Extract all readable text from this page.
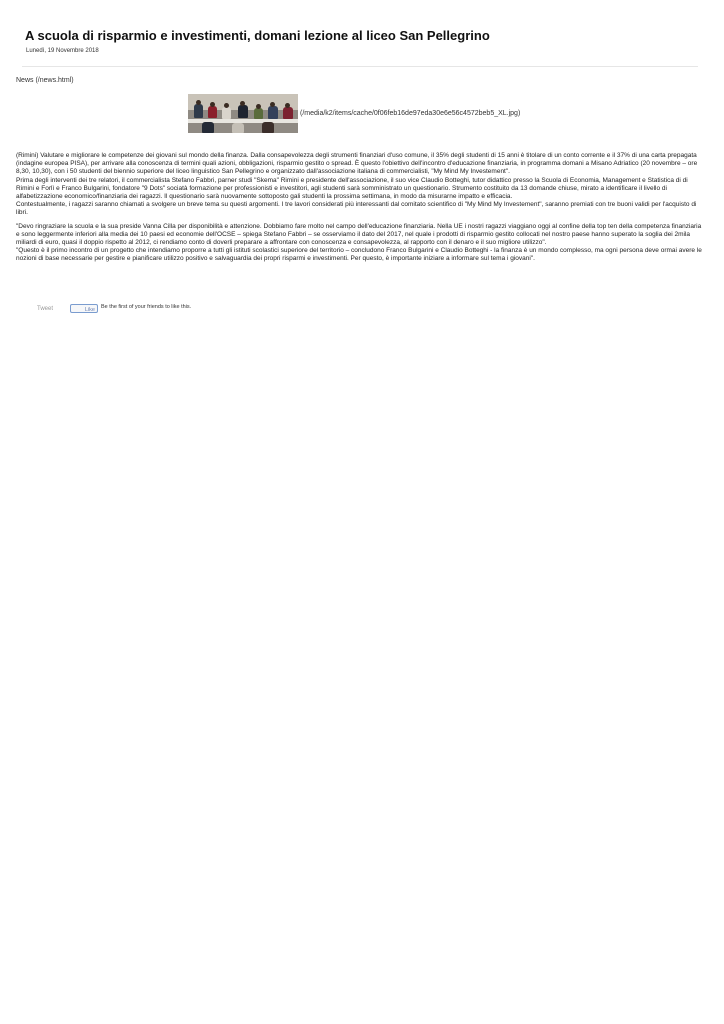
A scuola di risparmio e investimenti, domani lezione al liceo San Pellegrino
Lunedì, 19 Novembre 2018
News (/news.html)
(/media/k2/items/cache/0f06feb16de97eda30e6e56c4572beb5_XL.jpg)

(Rimini) Valutare e migliorare le competenze dei giovani sul mondo della finanza. Dalla consapevolezza degli strumenti finanziari d'uso comune, il 35% degli studenti di 15 anni è titolare di un conto corrente e il 37% di una carta prepagata (indagine europea PISA), per arrivare alla conoscenza di termini quali azioni, obbligazioni, risparmio gestito o spread. È questo l'obiettivo dell'incontro d'educazione finanziaria, in programma domani a Misano Adriatico (20 novembre – ore 8,30, 10,30), con i 50 studenti del biennio superiore del liceo linguistico San Pellegrino e organizzato dall'associazione italiana di commercialisti, "My Mind My Investement".

Prima degli interventi dei tre relatori, il commercialista Stefano Fabbri, parner studi "Skema" Rimini e presidente dell'associazione, il suo vice Claudio Botteghi, tutor didattico presso la Scuola di Economia, Management e Statistica di di Rimini e Forlì e Franco Bulgarini, fondatore "9 Dots" sociatà formazione per professionisti e investitori, agli studenti sarà somministrato un questionario. Strumento costituito da 13 domande chiuse, mirato a identificare il livello di alfabetizzazione economico/finanziaria dei ragazzi. Il questionario sarà nuovamente sottoposto gali studenti la prossima settimana, in modo da misurarne impatto e efficacia.

Contestualmente, i ragazzi saranno chiamati a svolgere un breve tema su questi argomenti. I tre lavori considerati più interessanti dal comitato scientifico di "My Mind My Investement", saranno premiati con tre buoni validi per l'acquisto di libri.

"Devo ringraziare la scuola e la sua preside Vanna Cilla per disponibilità e attenzione. Dobbiamo fare molto nel campo dell'educazione finanziaria. Nella UE i nostri ragazzi viaggiano oggi al confine della top ten della competenza finanziaria e sono leggermente inferiori alla media dei 10 paesi ed economie dell'OCSE – spiega Stefano Fabbri – se osserviamo il dato del 2017, nel quale i prodotti di risparmio gestito collocati nel nostro paese hanno superato la soglia dei 2mila miliardi di euro, quasi il doppio rispetto al 2012, ci rendiamo conto di doverli preparare a affrontare con conoscenza e consapevolezza, al rapporto con il denaro e il suo migliore utilizzo".

"Questo è il primo incontro di un progetto che intendiamo proporre a tutti gli istituti scolastici superiore del territorio – concludono Franco Bulgarini e Claudio Botteghi - la finanza è un mondo complesso, ma ogni persona deve ormai avere le nozioni di base necessarie per gestire e pianificare utilizzo positivo e salvaguardia dei propri risparmi e investimenti. Per questo, è importante iniziare a informare sul tema i giovani".

Tweet	Like	Be the first of your friends to like this.
